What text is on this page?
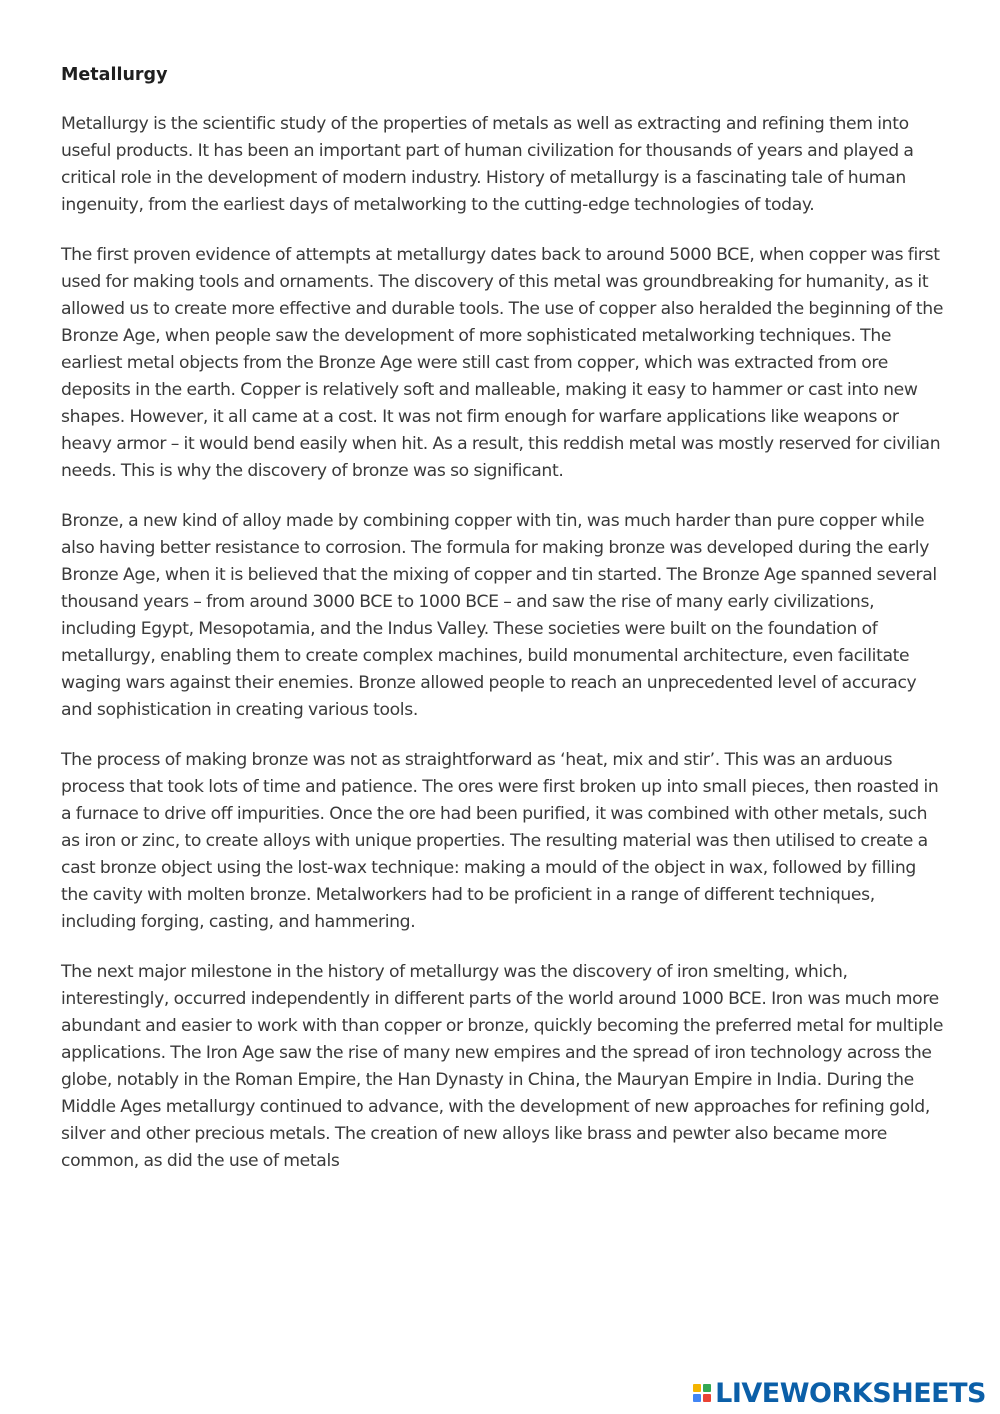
Metallurgy

Metallurgy is the scientific study of the properties of metals as well as extracting and refining them into useful products. It has been an important part of human civilization for thousands of years and played a critical role in the development of modern industry. History of metallurgy is a fascinating tale of human ingenuity, from the earliest days of metalworking to the cutting-edge technologies of today.

The first proven evidence of attempts at metallurgy dates back to around 5000 BCE, when copper was first used for making tools and ornaments. The discovery of this metal was groundbreaking for humanity, as it allowed us to create more effective and durable tools. The use of copper also heralded the beginning of the Bronze Age, when people saw the development of more sophisticated metalworking techniques. The earliest metal objects from the Bronze Age were still cast from copper, which was extracted from ore deposits in the earth. Copper is relatively soft and malleable, making it easy to hammer or cast into new shapes. However, it all came at a cost. It was not firm enough for warfare applications like weapons or heavy armor – it would bend easily when hit. As a result, this reddish metal was mostly reserved for civilian needs. This is why the discovery of bronze was so significant.

Bronze, a new kind of alloy made by combining copper with tin, was much harder than pure copper while also having better resistance to corrosion. The formula for making bronze was developed during the early Bronze Age, when it is believed that the mixing of copper and tin started. The Bronze Age spanned several thousand years – from around 3000 BCE to 1000 BCE – and saw the rise of many early civilizations, including Egypt, Mesopotamia, and the Indus Valley. These societies were built on the foundation of metallurgy, enabling them to create complex machines, build monumental architecture, even facilitate waging wars against their enemies. Bronze allowed people to reach an unprecedented level of accuracy and sophistication in creating various tools.

The process of making bronze was not as straightforward as ‘heat, mix and stir’. This was an arduous process that took lots of time and patience. The ores were first broken up into small pieces, then roasted in a furnace to drive off impurities. Once the ore had been purified, it was combined with other metals, such as iron or zinc, to create alloys with unique properties. The resulting material was then utilised to create a cast bronze object using the lost-wax technique: making a mould of the object in wax, followed by filling the cavity with molten bronze. Metalworkers had to be proficient in a range of different techniques, including forging, casting, and hammering.

The next major milestone in the history of metallurgy was the discovery of iron smelting, which, interestingly, occurred independently in different parts of the world around 1000 BCE. Iron was much more abundant and easier to work with than copper or bronze, quickly becoming the preferred metal for multiple applications. The Iron Age saw the rise of many new empires and the spread of iron technology across the globe, notably in the Roman Empire, the Han Dynasty in China, the Mauryan Empire in India. During the Middle Ages metallurgy continued to advance, with the development of new approaches for refining gold, silver and other precious metals. The creation of new alloys like brass and pewter also became more common, as did the use of metals

LIVEWORKSHEETS
